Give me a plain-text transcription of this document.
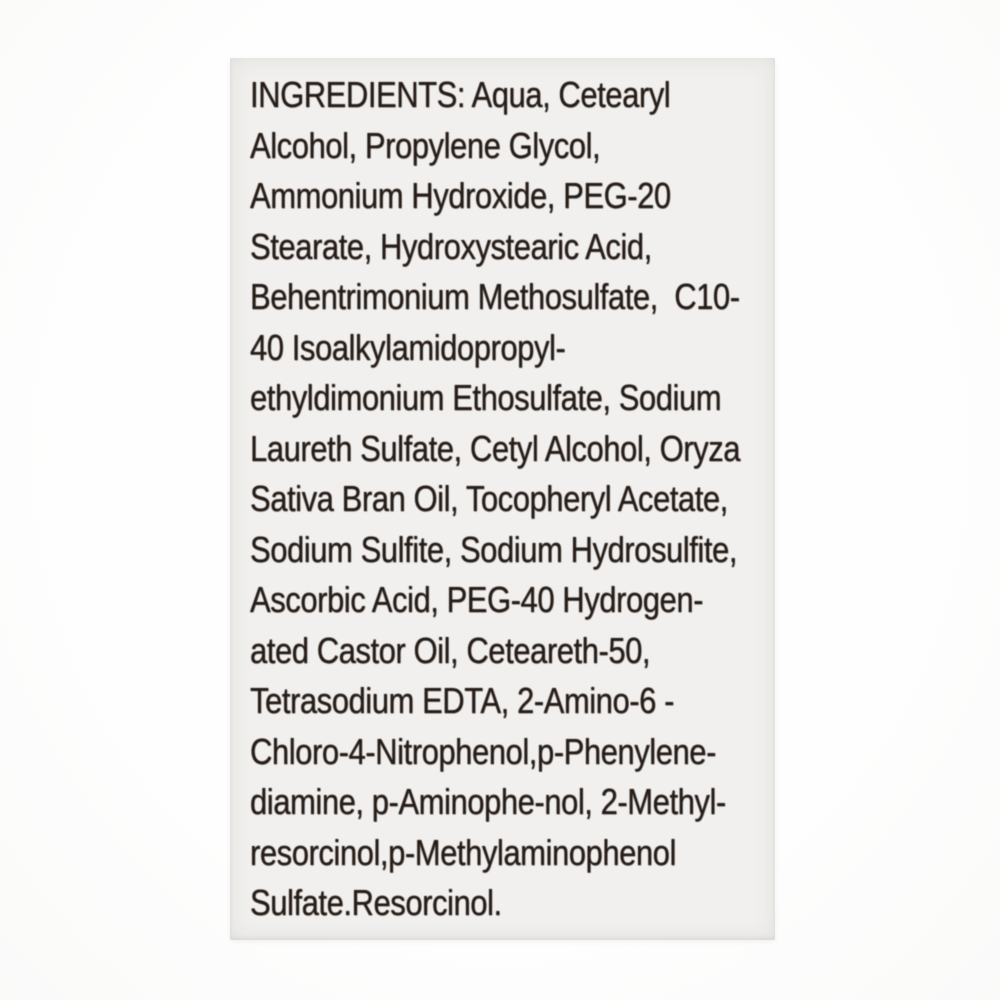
INGREDIENTS: Aqua, Cetearyl
Alcohol, Propylene Glycol,
Ammonium Hydroxide, PEG-20
Stearate, Hydroxystearic Acid,
Behentrimonium Methosulfate,  C10-
40 Isoalkylamidopropyl-
ethyldimonium Ethosulfate, Sodium
Laureth Sulfate, Cetyl Alcohol, Oryza
Sativa Bran Oil, Tocopheryl Acetate,
Sodium Sulfite, Sodium Hydrosulfite,
Ascorbic Acid, PEG-40 Hydrogen-
ated Castor Oil, Ceteareth-50,
Tetrasodium EDTA, 2-Amino-6 -
Chloro-4-Nitrophenol,p-Phenylene-
diamine, p-Aminophe-nol, 2-Methyl-
resorcinol,p-Methylaminophenol
Sulfate.Resorcinol.
